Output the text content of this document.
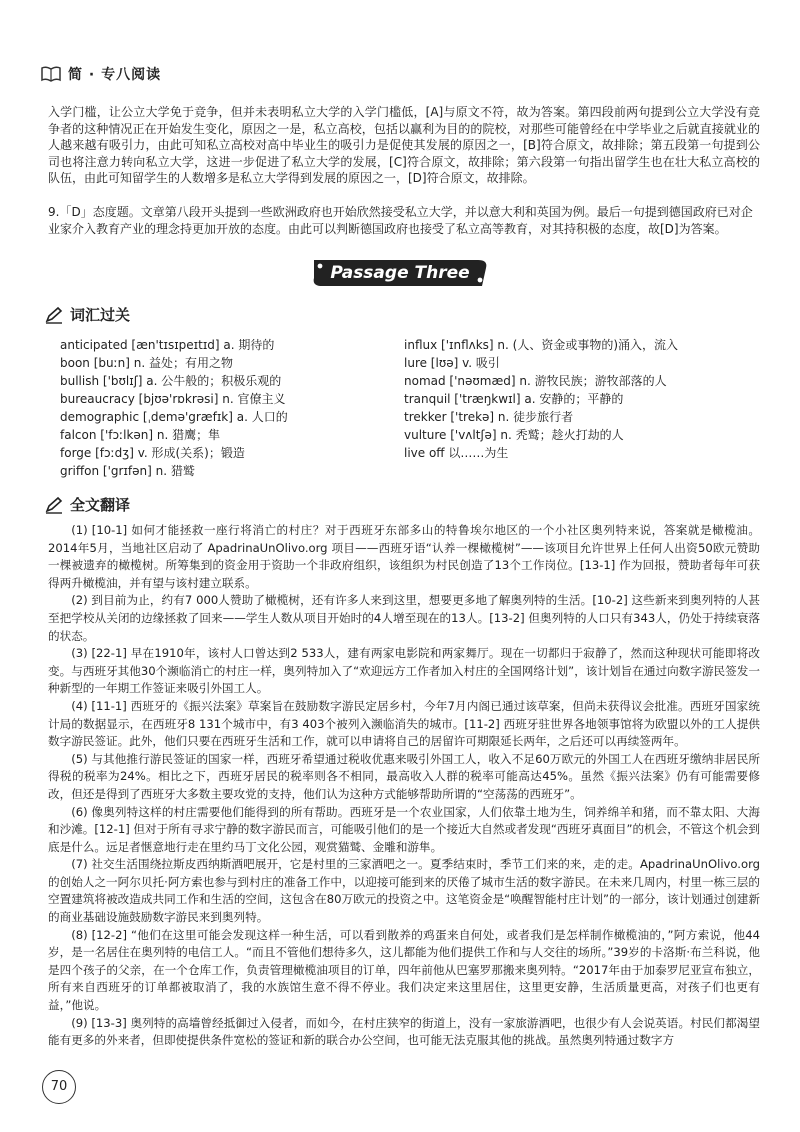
简 · 专八阅读
入学门槛，让公立大学免于竞争，但并未表明私立大学的入学门槛低，[A]与原文不符，故为答案。第四段前两句提到公立大学没有竞争者的这种情况正在开始发生变化，原因之一是，私立高校，包括以赢利为目的的院校，对那些可能曾经在中学毕业之后就直接就业的人越来越有吸引力，由此可知私立高校对高中毕业生的吸引力是促使其发展的原因之一，[B]符合原文，故排除；第五段第一句提到公司也将注意力转向私立大学，这进一步促进了私立大学的发展，[C]符合原文，故排除；第六段第一句指出留学生也在壮大私立高校的队伍，由此可知留学生的人数增多是私立大学得到发展的原因之一，[D]符合原文，故排除。
9.「D」态度题。文章第八段开头提到一些欧洲政府也开始欣然接受私立大学，并以意大利和英国为例。最后一句提到德国政府已对企业家介入教育产业的理念持更加开放的态度。由此可以判断德国政府也接受了私立高等教育，对其持积极的态度，故[D]为答案。
Passage Three
词汇过关
anticipated [æn'tɪsɪpeɪtɪd] a. 期待的
boon [buːn] n. 益处；有用之物
bullish ['bʊlɪʃ] a. 公牛般的；积极乐观的
bureaucracy [bjʊə'rɒkrəsi] n. 官僚主义
demographic [ˌdemə'græfɪk] a. 人口的
falcon ['fɔːlkən] n. 猎鹰；隼
forge [fɔːdʒ] v. 形成(关系)；锻造
griffon ['grɪfən] n. 猎鹫
influx ['ɪnflʌks] n. (人、资金或事物的)涌入，流入
lure [lʊə] v. 吸引
nomad ['nəʊmæd] n. 游牧民族；游牧部落的人
tranquil ['træŋkwɪl] a. 安静的；平静的
trekker ['trekə] n. 徒步旅行者
vulture ['vʌltʃə] n. 秃鹫；趁火打劫的人
live off 以……为生
全文翻译

(1) [10-1] 如何才能拯救一座行将消亡的村庄？对于西班牙东部多山的特鲁埃尔地区的一个小社区奥列特来说，答案就是橄榄油。2014年5月，当地社区启动了 ApadrinaUnOlivo.org 项目——西班牙语“认养一棵橄榄树”——该项目允许世界上任何人出资50欧元赞助一棵被遗弃的橄榄树。所筹集到的资金用于资助一个非政府组织，该组织为村民创造了13个工作岗位。[13-1] 作为回报，赞助者每年可获得两升橄榄油，并有望与该村建立联系。

(2) 到目前为止，约有7 000人赞助了橄榄树，还有许多人来到这里，想要更多地了解奥列特的生活。[10-2] 这些新来到奥列特的人甚至把学校从关闭的边缘拯救了回来——学生人数从项目开始时的4人增至现在的13人。[13-2] 但奥列特的人口只有343人，仍处于持续衰落的状态。

(3) [22-1] 早在1910年，该村人口曾达到2 533人，建有两家电影院和两家舞厅。现在一切都归于寂静了，然而这种现状可能即将改变。与西班牙其他30个濒临消亡的村庄一样，奥列特加入了“欢迎远方工作者加入村庄的全国网络计划”，该计划旨在通过向数字游民签发一种新型的一年期工作签证来吸引外国工人。

(4) [11-1] 西班牙的《振兴法案》草案旨在鼓励数字游民定居乡村，今年7月内阁已通过该草案，但尚未获得议会批准。西班牙国家统计局的数据显示，在西班牙8 131个城市中，有3 403个被列入濒临消失的城市。[11-2] 西班牙驻世界各地领事馆将为欧盟以外的工人提供数字游民签证。此外，他们只要在西班牙生活和工作，就可以申请将自己的居留许可期限延长两年，之后还可以再续签两年。

(5) 与其他推行游民签证的国家一样，西班牙希望通过税收优惠来吸引外国工人，收入不足60万欧元的外国工人在西班牙缴纳非居民所得税的税率为24%。相比之下，西班牙居民的税率则各不相同，最高收入人群的税率可能高达45%。虽然《振兴法案》仍有可能需要修改，但还是得到了西班牙大多数主要攻党的支持，他们认为这种方式能够帮助所谓的“空荡荡的西班牙”。

(6) 像奥列特这样的村庄需要他们能得到的所有帮助。西班牙是一个农业国家，人们依靠土地为生，饲养绵羊和猪，而不靠太阳、大海和沙滩。[12-1] 但对于所有寻求宁静的数字游民而言，可能吸引他们的是一个接近大自然或者发现“西班牙真面目”的机会，不管这个机会到底是什么。远足者惬意地行走在里约马丁文化公园，观赏猫鹫、金雕和游隼。

(7) 社交生活围绕拉斯皮西纳斯酒吧展开，它是村里的三家酒吧之一。夏季结束时，季节工们来的来，走的走。ApadrinaUnOlivo.org 的创始人之一阿尔贝托·阿方索也参与到村庄的准备工作中，以迎接可能到来的厌倦了城市生活的数字游民。在未来几周内，村里一栋三层的空置建筑将被改造成共同工作和生活的空间，这包含在80万欧元的投资之中。这笔资金是“唤醒智能村庄计划”的一部分，该计划通过创建新的商业基础设施鼓励数字游民来到奥列特。

(8) [12-2] “他们在这里可能会发现这样一种生活，可以看到散养的鸡蛋来自何处，或者我们是怎样制作橄榄油的，”阿方索说，他44岁，是一名居住在奥列特的电信工人。“而且不管他们想待多久，这儿都能为他们提供工作和与人交往的场所。”39岁的卡洛斯·布兰科说，他是四个孩子的父亲，在一个仓库工作，负责管理橄榄油项目的订单，四年前他从巴塞罗那搬来奥列特。“2017年由于加泰罗尼亚宣布独立，所有来自西班牙的订单都被取消了，我的水族馆生意不得不停业。我们决定来这里居住，这里更安静，生活质量更高，对孩子们也更有益，”他说。

(9) [13-3] 奥列特的高墙曾经抵御过入侵者，而如今，在村庄狭窄的街道上，没有一家旅游酒吧，也很少有人会说英语。村民们都渴望能有更多的外来者，但即使提供条件宽松的签证和新的联合办公空间，也可能无法克服其他的挑战。虽然奥列特通过数字方

70
